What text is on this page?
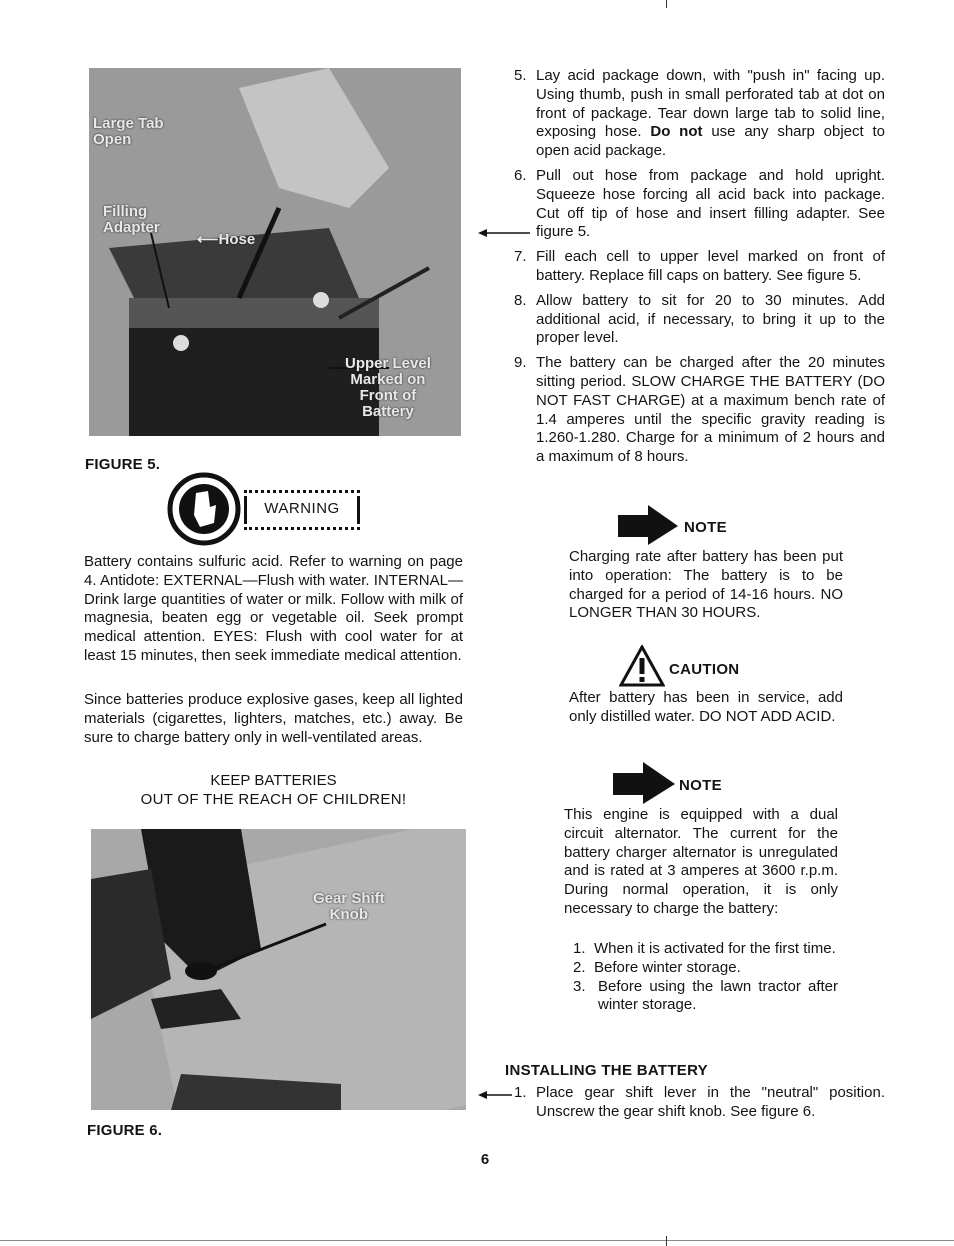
Large Tab
Open
Filling
Adapter

⟵Hose

Upper Level
Marked on
Front of
Battery
FIGURE 5.
WARNING
Battery contains sulfuric acid. Refer to warning on page 4. Antidote: EXTERNAL—Flush with water. INTERNAL—Drink large quantities of water or milk. Follow with milk of magnesia, beaten egg or vegetable oil. Seek prompt medical attention. EYES: Flush with cool water for at least 15 minutes, then seek immediate medical attention.
Since batteries produce explosive gases, keep all lighted materials (cigarettes, lighters, matches, etc.) away. Be sure to charge battery only in well-ventilated areas.
KEEP BATTERIES
OUT OF THE REACH OF CHILDREN!
Gear Shift
Knob
FIGURE 6.
5. Lay acid package down, with "push in" facing up. Using thumb, push in small perforated tab at dot on front of package. Tear down large tab to solid line, exposing hose. Do not use any sharp object to open acid package.
6. Pull out hose from package and hold upright. Squeeze hose forcing all acid back into package. Cut off tip of hose and insert filling adapter. See figure 5.
7. Fill each cell to upper level marked on front of battery. Replace fill caps on battery. See figure 5.
8. Allow battery to sit for 20 to 30 minutes. Add additional acid, if necessary, to bring it up to the proper level.
9. The battery can be charged after the 20 minutes sitting period. SLOW CHARGE THE BATTERY (DO NOT FAST CHARGE) at a maximum bench rate of 1.4 amperes until the specific gravity reading is 1.260-1.280. Charge for a minimum of 2 hours and a maximum of 8 hours.
NOTE
Charging rate after battery has been put into operation: The battery is to be charged for a period of 14-16 hours. NO LONGER THAN 30 HOURS.
CAUTION
After battery has been in service, add only distilled water. DO NOT ADD ACID.
NOTE
This engine is equipped with a dual circuit alternator. The current for the battery charger alternator is unregulated and is rated at 3 amperes at 3600 r.p.m. During normal operation, it is only necessary to charge the battery:
1. When it is activated for the first time.
2. Before winter storage.
3. Before using the lawn tractor after winter storage.
INSTALLING THE BATTERY
1. Place gear shift lever in the "neutral" position. Unscrew the gear shift knob. See figure 6.
6
